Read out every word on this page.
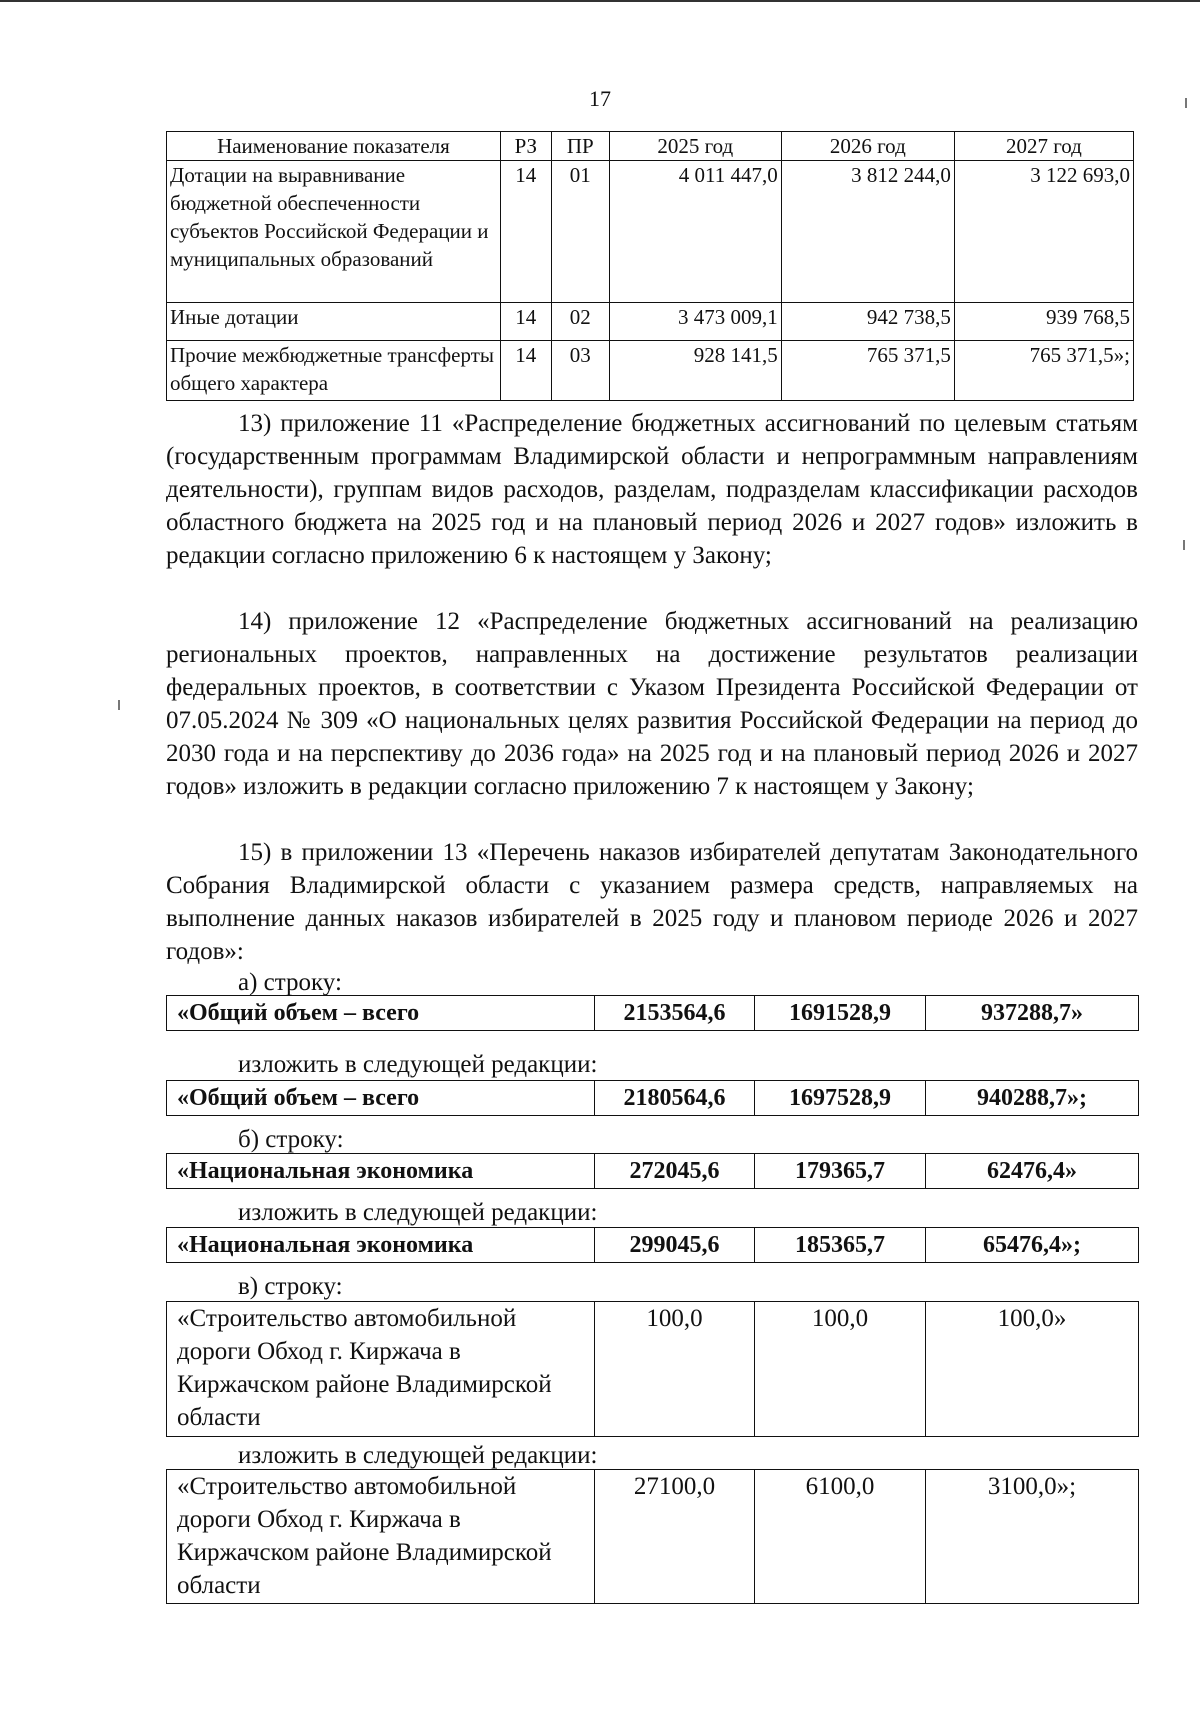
17
Наименование показателя	РЗ	ПР	2025 год	2026 год	2027 год
Дотации на выравнивание бюджетной обеспеченности субъектов Российской Федерации и муниципальных образований	14	01	4 011 447,0	3 812 244,0	3 122 693,0
Иные дотации	14	02	3 473 009,1	942 738,5	939 768,5
Прочие межбюджетные трансферты общего характера	14	03	928 141,5	765 371,5	765 371,5»;
13) приложение 11 «Распределение бюджетных ассигнований по целевым статьям (государственным программам Владимирской области и непрограммным направлениям деятельности), группам видов расходов, разделам, подразделам классификации расходов областного бюджета на 2025 год и на плановый период 2026 и 2027 годов» изложить в редакции согласно приложению 6 к настоящем у Закону;
14) приложение 12 «Распределение бюджетных ассигнований на реализацию региональных проектов, направленных на достижение результатов реализации федеральных проектов, в соответствии с Указом Президента Российской Федерации от 07.05.2024 № 309 «О национальных целях развития Российской Федерации на период до 2030 года и на перспективу до 2036 года» на 2025 год и на плановый период 2026 и 2027 годов» изложить в редакции согласно приложению 7 к настоящем у Закону;
15) в приложении 13 «Перечень наказов избирателей депутатам Законодательного Собрания Владимирской области с указанием размера средств, направляемых на выполнение данных наказов избирателей в 2025 году и плановом периоде 2026 и 2027 годов»:
а) строку:
«Общий объем – всего	2153564,6	1691528,9	937288,7»
изложить в следующей редакции:
«Общий объем – всего	2180564,6	1697528,9	940288,7»;
б) строку:
«Национальная экономика	272045,6	179365,7	62476,4»
изложить в следующей редакции:
«Национальная экономика	299045,6	185365,7	65476,4»;
в) строку:
«Строительство автомобильной дороги Обход г. Киржача в Киржачском районе Владимирской области	100,0	100,0	100,0»
изложить в следующей редакции:
«Строительство автомобильной дороги Обход г. Киржача в Киржачском районе Владимирской области	27100,0	6100,0	3100,0»;
